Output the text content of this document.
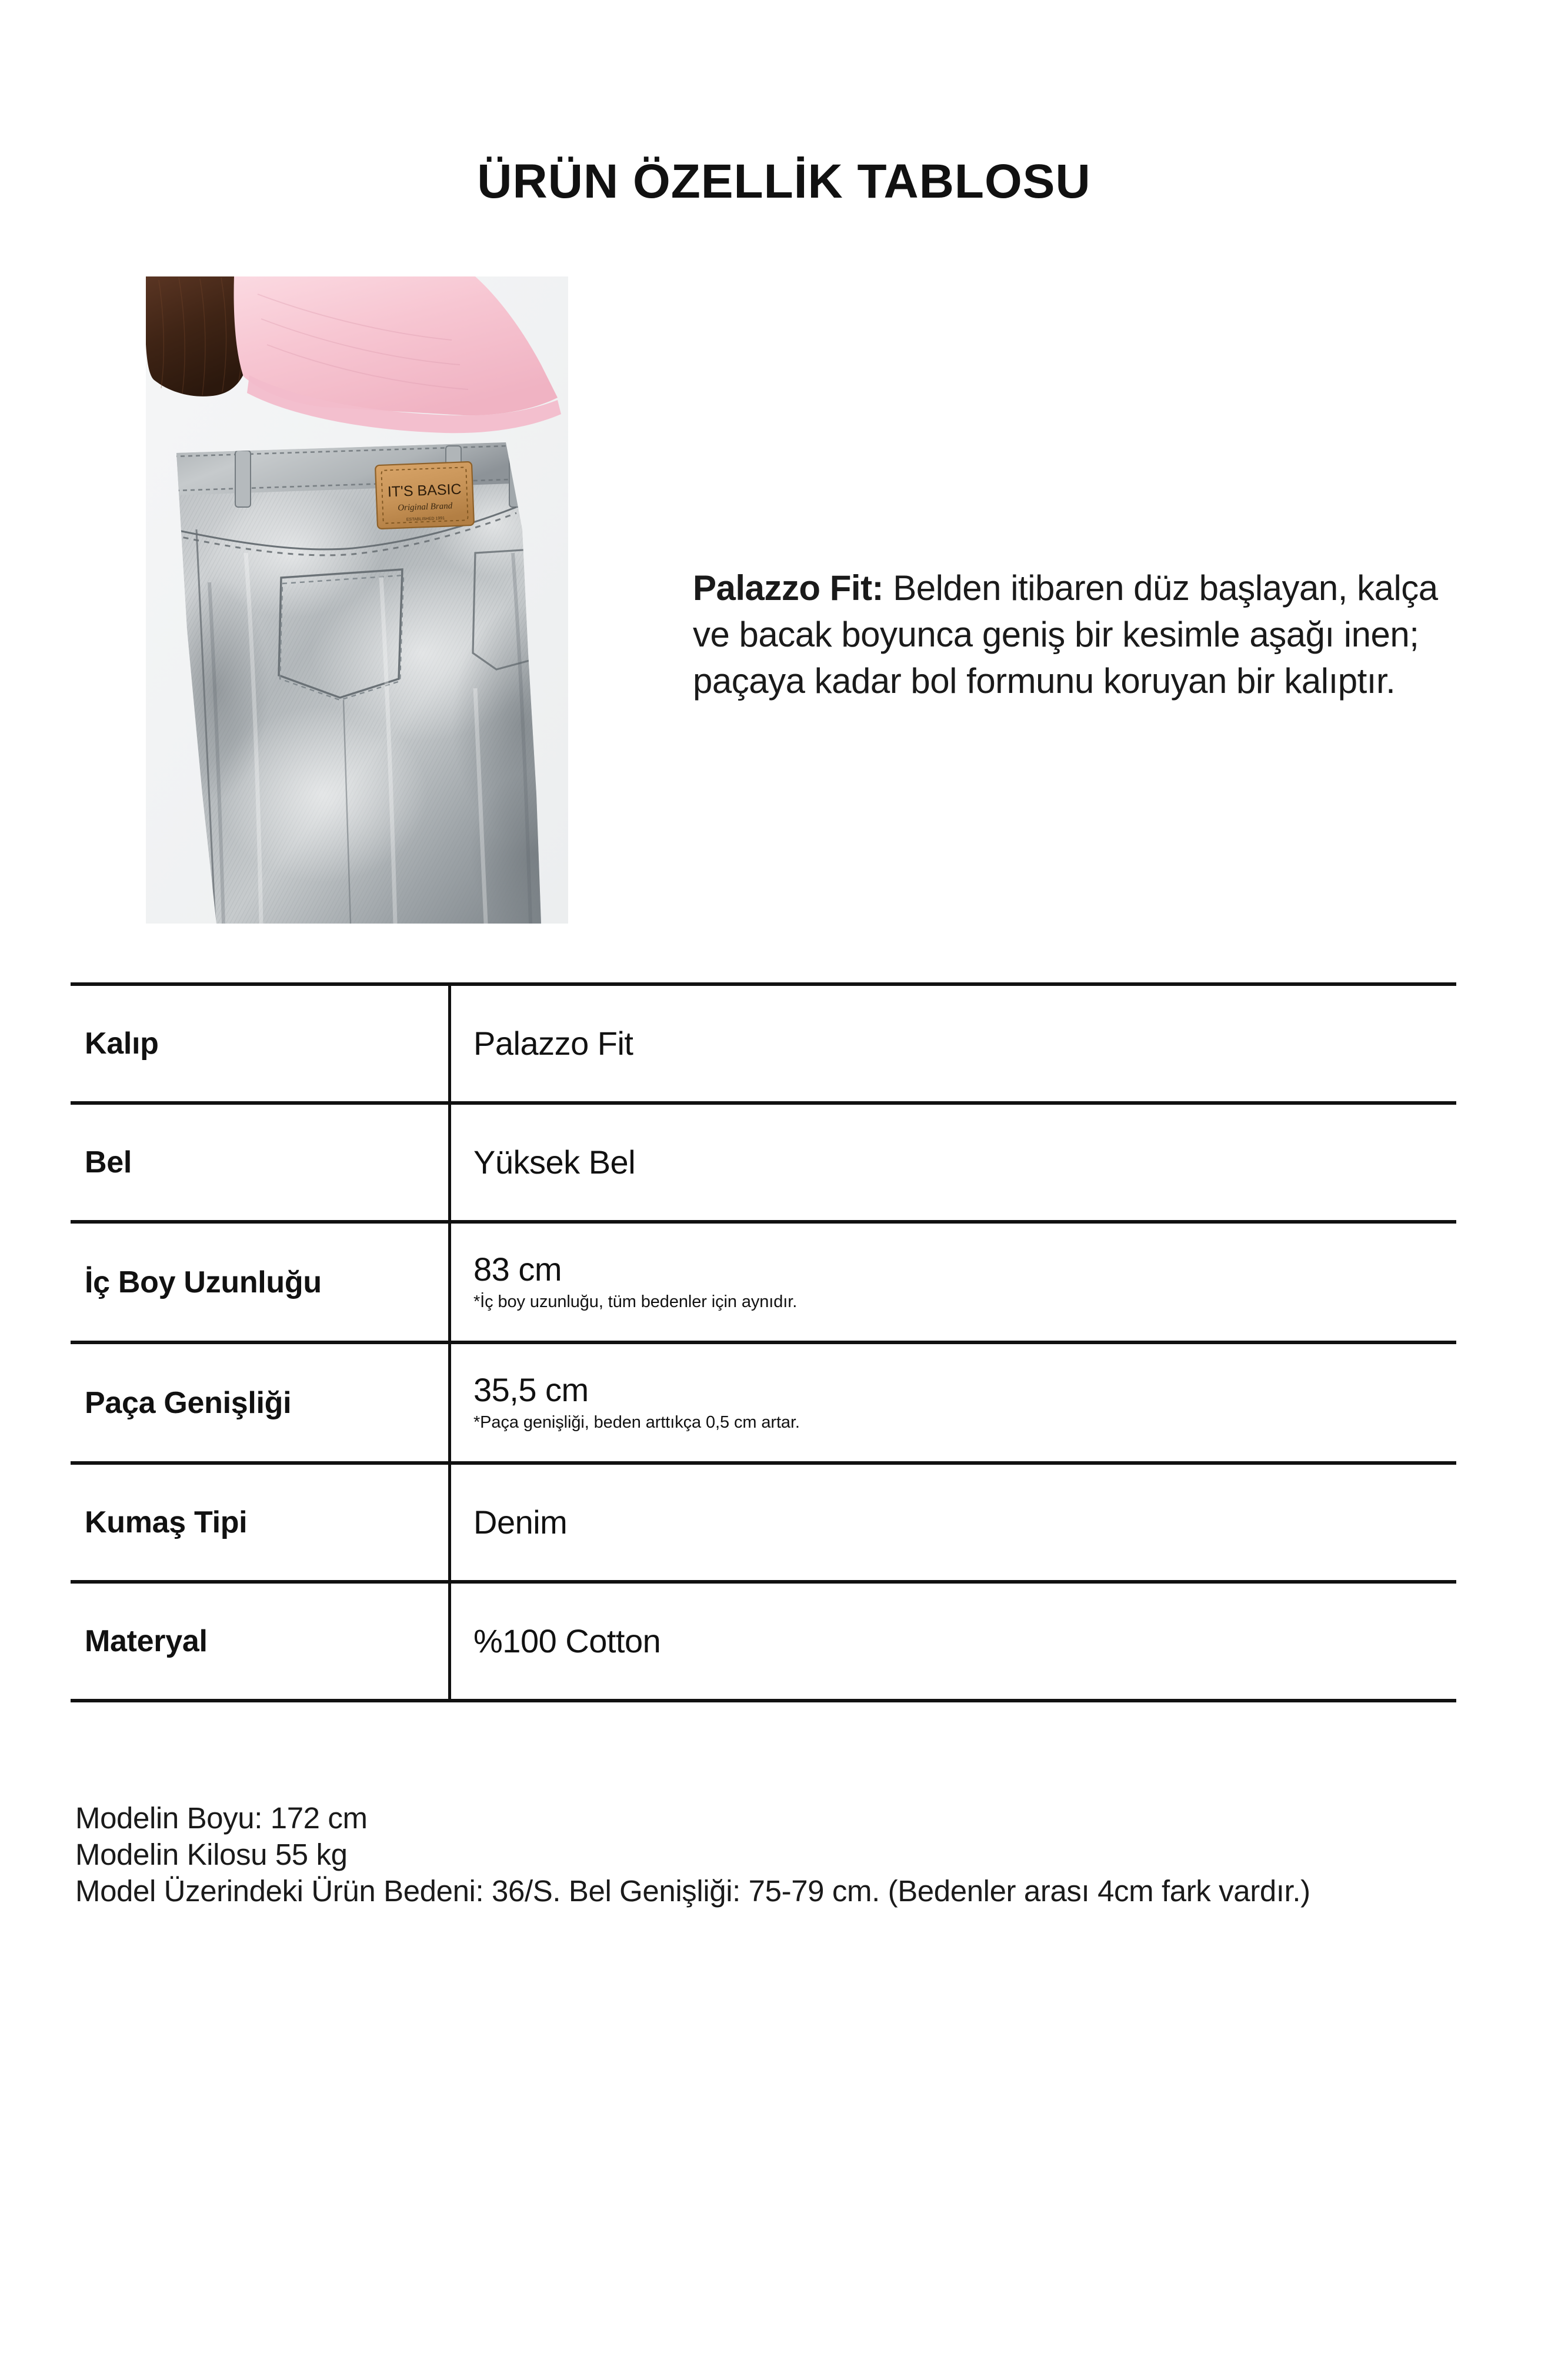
ÜRÜN ÖZELLİK TABLOSU
IT'S BASIC
Original Brand
ESTABLISHED 1991

Palazzo Fit: Belden itibaren düz başlayan, kalça ve bacak boyunca geniş bir kesimle aşağı inen; paçaya kadar bol formunu koruyan bir kalıptır.

Kalıp	Palazzo Fit

Bel	Yüksek Bel

İç Boy Uzunluğu	83 cm
*İç boy uzunluğu, tüm bedenler için aynıdır.

Paça Genişliği	35,5 cm
*Paça genişliği, beden arttıkça 0,5 cm artar.

Kumaş Tipi	Denim

Materyal	%100 Cotton
Modelin Boyu: 172 cm
Modelin Kilosu 55 kg
Model Üzerindeki Ürün Bedeni: 36/S. Bel Genişliği: 75-79 cm. (Bedenler arası 4cm fark vardır.)
